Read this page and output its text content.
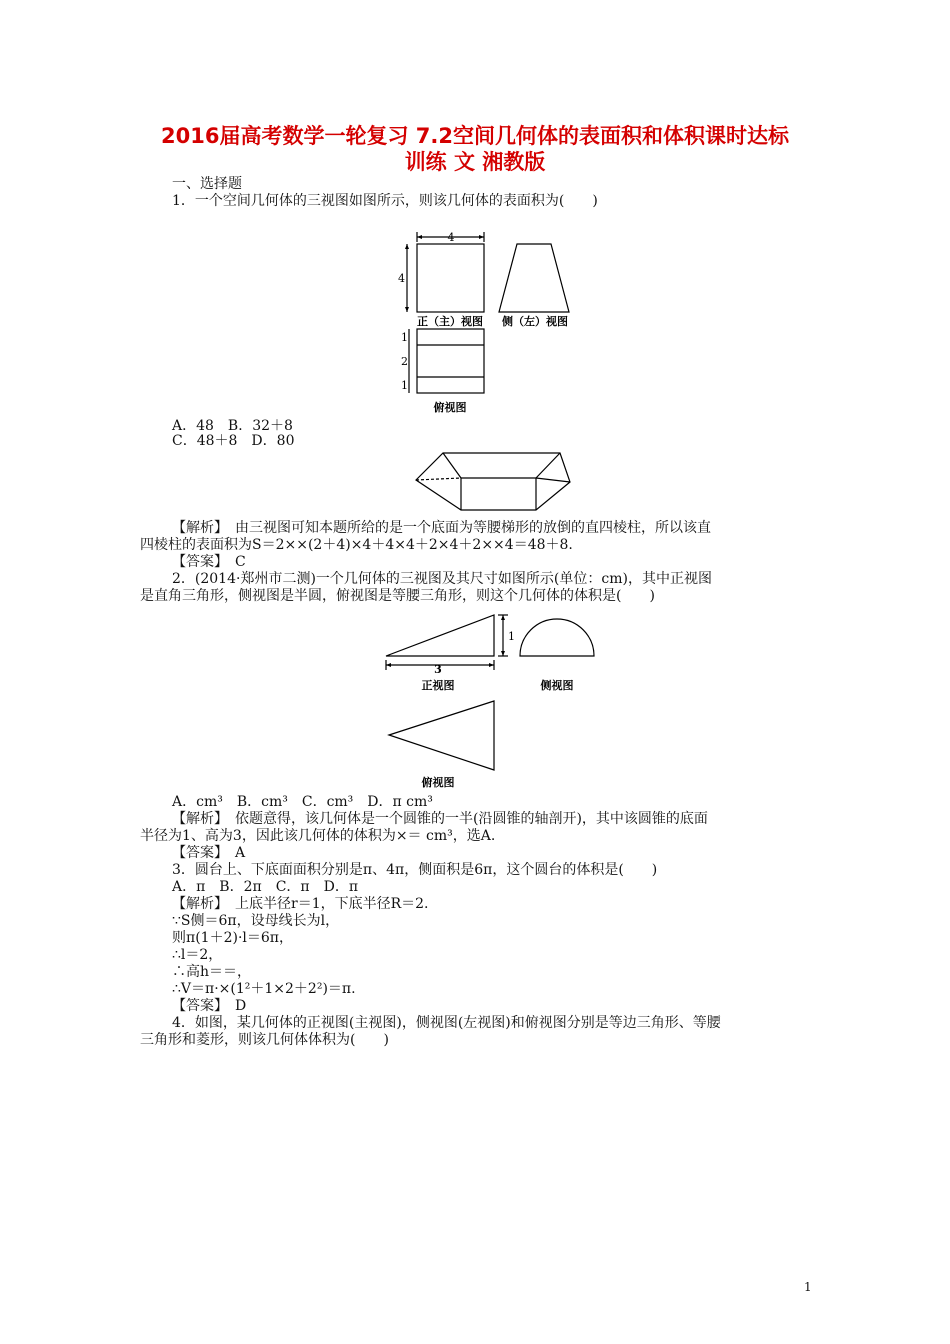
2016届高考数学一轮复习 7.2空间几何体的表面积和体积课时达标
训练 文 湘教版
一、选择题
1．一个空间几何体的三视图如图所示，则该几何体的表面积为(　　)
4
4
正（主）视图 侧（左）视图
1
2
1
俯视图
A．48　B．32＋8
C．48＋8　D．80
【解析】　由三视图可知本题所给的是一个底面为等腰梯形的放倒的直四棱柱，所以该直
四棱柱的表面积为S＝2××(2＋4)×4＋4×4＋2×4＋2××4＝48＋8.
【答案】　C
2．(2014·郑州市二测)一个几何体的三视图及其尺寸如图所示(单位：cm)，其中正视图
是直角三角形，侧视图是半圆，俯视图是等腰三角形，则这个几何体的体积是(　　)
1
3
正视图	侧视图
俯视图
A．cm³　B．cm³　C．cm³　D．π cm³
【解析】　依题意得，该几何体是一个圆锥的一半(沿圆锥的轴剖开)，其中该圆锥的底面
半径为1、高为3，因此该几何体的体积为×＝ cm³，选A.
【答案】　A
3．圆台上、下底面面积分别是π、4π，侧面积是6π，这个圆台的体积是(　　)
A．π　B．2π　C．π　D．π
【解析】　上底半径r＝1，下底半径R＝2.
∵S侧＝6π，设母线长为l，
则π(1＋2)·l＝6π，
∴l＝2，
∴高h＝＝，
∴V＝π·×(1²＋1×2＋2²)＝π.
【答案】　D
4．如图，某几何体的正视图(主视图)，侧视图(左视图)和俯视图分别是等边三角形、等腰
三角形和菱形，则该几何体体积为(　　)
1
